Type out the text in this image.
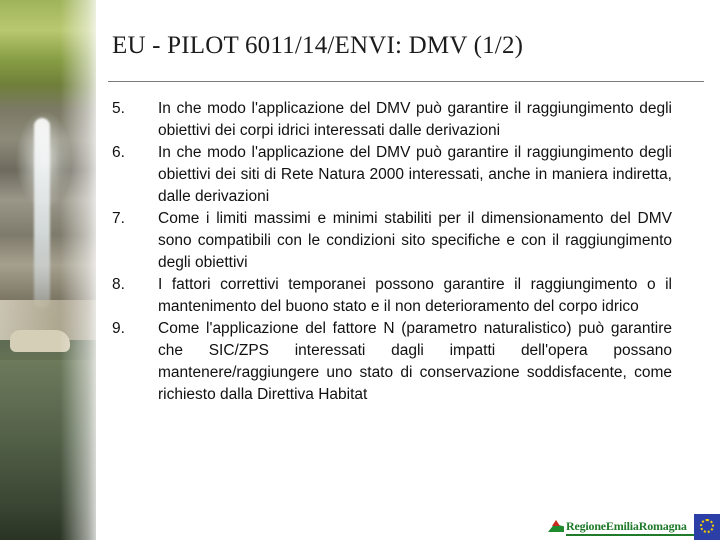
EU - PILOT 6011/14/ENVI: DMV (1/2)
5.	In che modo l'applicazione del DMV può garantire il raggiungimento degli obiettivi dei corpi idrici interessati dalle derivazioni
6.	In che modo l'applicazione del DMV può garantire il raggiungimento degli obiettivi dei siti di Rete Natura 2000 interessati, anche in maniera indiretta, dalle derivazioni
7.	Come i limiti massimi e minimi stabiliti per il dimensionamento del DMV sono compatibili con le condizioni sito specifiche e con il raggiungimento degli obiettivi
8.	I fattori correttivi temporanei possono garantire il raggiungimento o il mantenimento del buono stato e il non deterioramento del corpo idrico
9.	Come l'applicazione del fattore N (parametro naturalistico) può garantire che SIC/ZPS interessati dagli impatti dell'opera possano mantenere/raggiungere uno stato di conservazione soddisfacente, come richiesto dalla Direttiva Habitat
RegioneEmiliaRomagna
